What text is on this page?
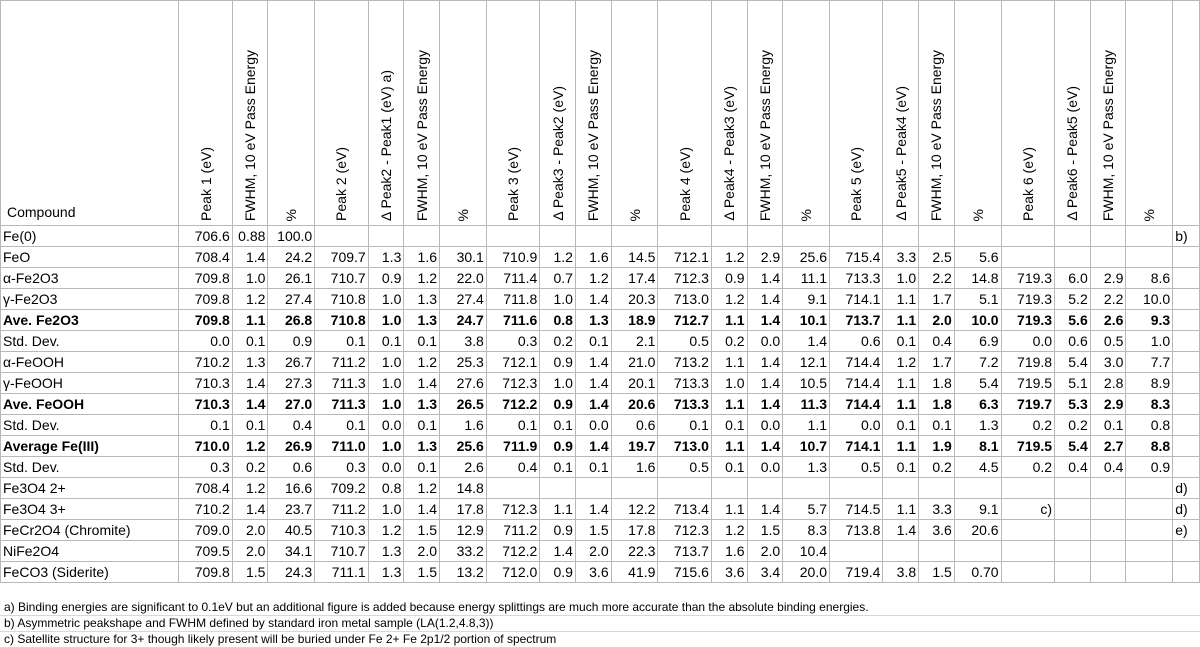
Compound	Peak 1 (eV)	FWHM, 10 eV Pass Energy	%	Peak 2 (eV)	Δ Peak2 - Peak1 (eV) a)	FWHM, 10 eV Pass Energy	%	Peak 3 (eV)	Δ Peak3 - Peak2 (eV)	FWHM, 10 eV Pass Energy	%	Peak 4 (eV)	Δ Peak4 - Peak3 (eV)	FWHM, 10 eV Pass Energy	%	Peak 5 (eV)	Δ Peak5 - Peak4 (eV)	FWHM, 10 eV Pass Energy	%	Peak 6 (eV)	Δ Peak6 - Peak5 (eV)	FWHM, 10 eV Pass Energy	%	

Fe(0)	706.6	0.88	100.0																					b)
FeO	708.4	1.4	24.2	709.7	1.3	1.6	30.1	710.9	1.2	1.6	14.5	712.1	1.2	2.9	25.6	715.4	3.3	2.5	5.6					
α-Fe2O3	709.8	1.0	26.1	710.7	0.9	1.2	22.0	711.4	0.7	1.2	17.4	712.3	0.9	1.4	11.1	713.3	1.0	2.2	14.8	719.3	6.0	2.9	8.6	
γ-Fe2O3	709.8	1.2	27.4	710.8	1.0	1.3	27.4	711.8	1.0	1.4	20.3	713.0	1.2	1.4	9.1	714.1	1.1	1.7	5.1	719.3	5.2	2.2	10.0	
Ave. Fe2O3	709.8	1.1	26.8	710.8	1.0	1.3	24.7	711.6	0.8	1.3	18.9	712.7	1.1	1.4	10.1	713.7	1.1	2.0	10.0	719.3	5.6	2.6	9.3	
Std. Dev.	0.0	0.1	0.9	0.1	0.1	0.1	3.8	0.3	0.2	0.1	2.1	0.5	0.2	0.0	1.4	0.6	0.1	0.4	6.9	0.0	0.6	0.5	1.0	
α-FeOOH	710.2	1.3	26.7	711.2	1.0	1.2	25.3	712.1	0.9	1.4	21.0	713.2	1.1	1.4	12.1	714.4	1.2	1.7	7.2	719.8	5.4	3.0	7.7	
γ-FeOOH	710.3	1.4	27.3	711.3	1.0	1.4	27.6	712.3	1.0	1.4	20.1	713.3	1.0	1.4	10.5	714.4	1.1	1.8	5.4	719.5	5.1	2.8	8.9	
Ave. FeOOH	710.3	1.4	27.0	711.3	1.0	1.3	26.5	712.2	0.9	1.4	20.6	713.3	1.1	1.4	11.3	714.4	1.1	1.8	6.3	719.7	5.3	2.9	8.3	
Std. Dev.	0.1	0.1	0.4	0.1	0.0	0.1	1.6	0.1	0.1	0.0	0.6	0.1	0.1	0.0	1.1	0.0	0.1	0.1	1.3	0.2	0.2	0.1	0.8	
Average Fe(III)	710.0	1.2	26.9	711.0	1.0	1.3	25.6	711.9	0.9	1.4	19.7	713.0	1.1	1.4	10.7	714.1	1.1	1.9	8.1	719.5	5.4	2.7	8.8	
Std. Dev.	0.3	0.2	0.6	0.3	0.0	0.1	2.6	0.4	0.1	0.1	1.6	0.5	0.1	0.0	1.3	0.5	0.1	0.2	4.5	0.2	0.4	0.4	0.9	
Fe3O4 2+	708.4	1.2	16.6	709.2	0.8	1.2	14.8																	d)
Fe3O4 3+	710.2	1.4	23.7	711.2	1.0	1.4	17.8	712.3	1.1	1.4	12.2	713.4	1.1	1.4	5.7	714.5	1.1	3.3	9.1	c)				d)
FeCr2O4 (Chromite)	709.0	2.0	40.5	710.3	1.2	1.5	12.9	711.2	0.9	1.5	17.8	712.3	1.2	1.5	8.3	713.8	1.4	3.6	20.6					e)
NiFe2O4	709.5	2.0	34.1	710.7	1.3	2.0	33.2	712.2	1.4	2.0	22.3	713.7	1.6	2.0	10.4									
FeCO3 (Siderite)	709.8	1.5	24.3	711.1	1.3	1.5	13.2	712.0	0.9	3.6	41.9	715.6	3.6	3.4	20.0	719.4	3.8	1.5	0.70					
a) Binding energies are significant to 0.1eV but an additional figure is added because energy splittings are much more accurate than the absolute binding energies.
b) Asymmetric peakshape and FWHM defined by standard iron metal sample (LA(1.2,4.8,3))
c) Satellite structure for 3+ though likely present will be buried under Fe 2+ Fe 2p1/2 portion of spectrum
